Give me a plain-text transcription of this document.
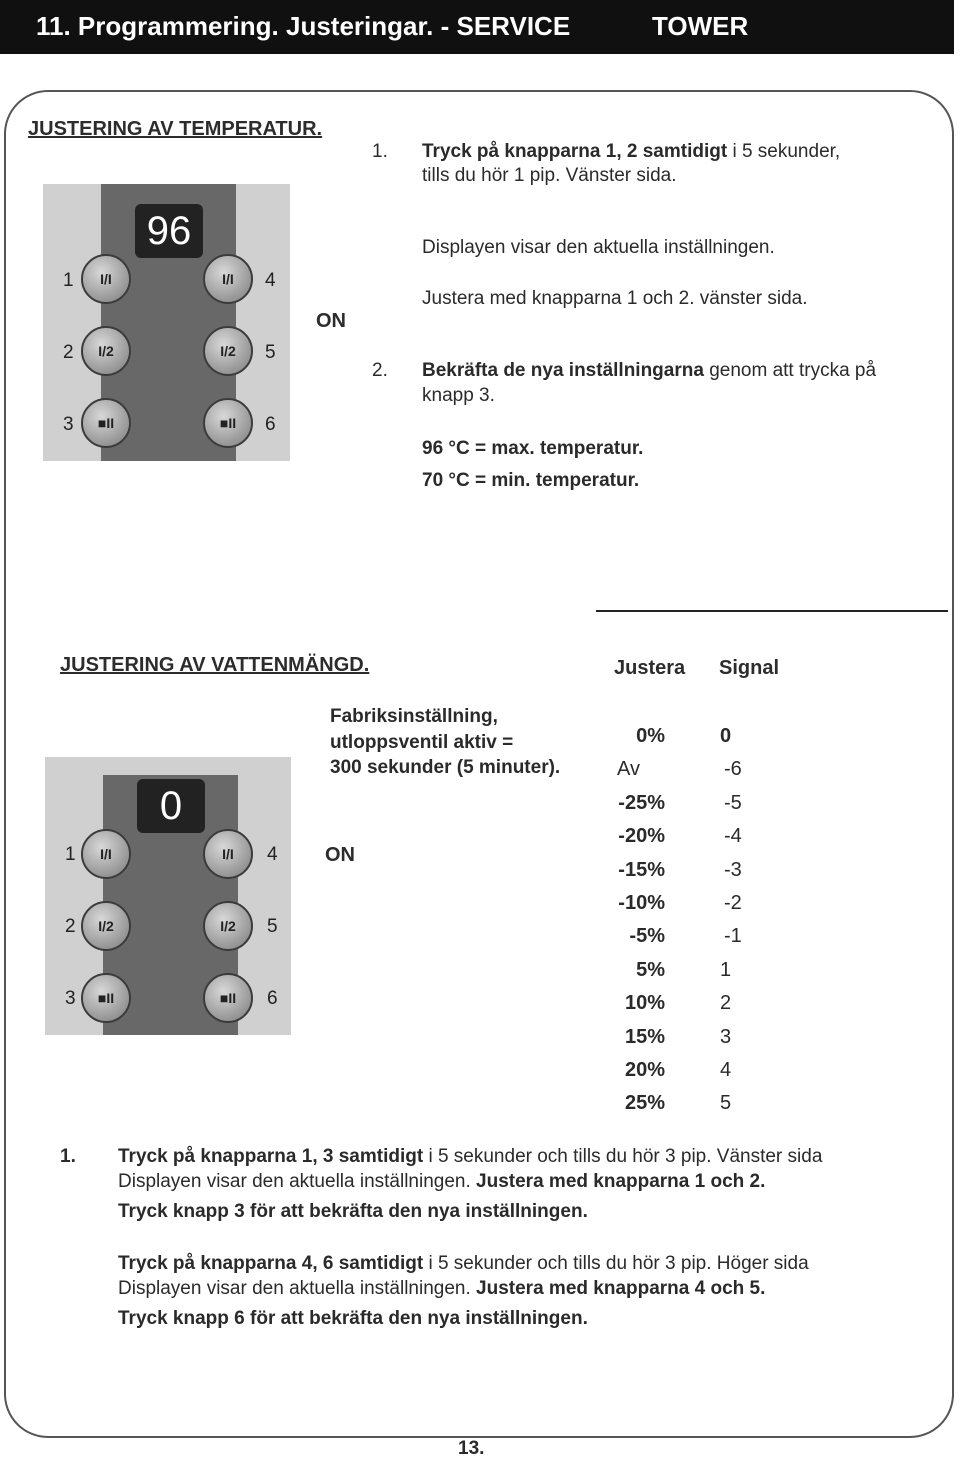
11. Programmering. Justeringar. - SERVICE	TOWER
JUSTERING AV TEMPERATUR.
1. Tryck på knapparna 1, 2 samtidigt i 5 sekunder,
tills du hör 1 pip. Vänster sida.
Displayen visar den aktuella inställningen.
Justera med knapparna 1 och 2. vänster sida.
2. Bekräfta de nya inställningarna genom att trycka på
knapp 3.
96 °C = max. temperatur.
70 °C = min. temperatur.
ON
96
1
2
3
4
5
6
I/I
I/2
■II
I/I
I/2
■II
JUSTERING AV VATTENMÄNGD.	Justera Signal
Fabriksinställning,
utloppsventil aktiv =
300 sekunder (5 minuter).
ON
0
1
2
3
4
5
6
I/I
I/2
■II
I/I
I/2
■II
0%	0
Av	-6
-25%	-5
-20%	-4
-15%	-3
-10%	-2
-5%	-1
5%	1
10%	2
15%	3
20%	4
25%	5
1. Tryck på knapparna 1, 3 samtidigt i 5 sekunder och tills du hör 3 pip. Vänster sida
Displayen visar den aktuella inställningen. Justera med knapparna 1 och 2.
Tryck knapp 3 för att bekräfta den nya inställningen.
Tryck på knapparna 4, 6 samtidigt i 5 sekunder och tills du hör 3 pip. Höger sida
Displayen visar den aktuella inställningen. Justera med knapparna 4 och 5.
Tryck knapp 6 för att bekräfta den nya inställningen.
13.
